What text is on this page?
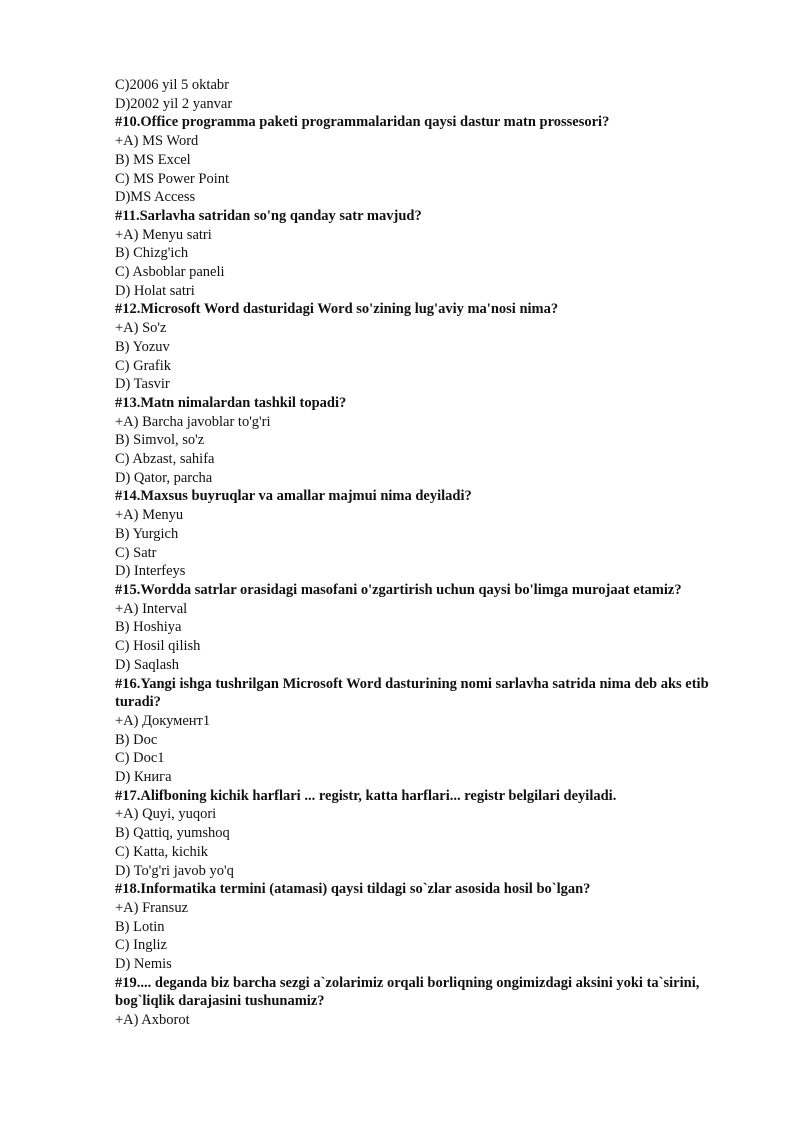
C)2006 yil 5 oktabr

D)2002 yil 2 yanvar

#10.Office programma paketi programmalaridan qaysi dastur matn prossesori?

+A) MS Word

B) MS Excel

C) MS Power Point

D)MS Access

#11.Sarlavha satridan so'ng qanday satr mavjud?

+A) Menyu satri

B) Chizg'ich

C) Asboblar paneli

D) Holat satri

#12.Microsoft Word dasturidagi Word so'zining lug'aviy ma'nosi nima?

+A) So'z

B) Yozuv

C) Grafik

D) Tasvir

#13.Matn nimalardan tashkil topadi?

+A) Barcha javoblar to'g'ri

B) Simvol, so'z

C) Abzast, sahifa

D) Qator, parcha

#14.Maxsus buyruqlar va amallar majmui nima deyiladi?

+A) Menyu

B) Yurgich

C) Satr

D) Interfeys

#15.Wordda satrlar orasidagi masofani o'zgartirish uchun qaysi bo'limga murojaat etamiz?

+A) Interval

B) Hoshiya

C) Hosil qilish

D) Saqlash

#16.Yangi ishga tushrilgan Microsoft Word dasturining nomi sarlavha satrida nima deb aks etib turadi?

+A) Документ1

B) Doc

C) Doc1

D) Книга

#17.Alifboning kichik harflari ... registr, katta harflari... registr belgilari deyiladi.

+A) Quyi, yuqori

B) Qattiq, yumshoq

C) Katta, kichik

D) To'g'ri javob yo'q

#18.Informatika termini (atamasi) qaysi tildagi so`zlar asosida hosil bo`lgan?

+A) Fransuz

B) Lotin

C) Ingliz

D) Nemis

#19.... deganda biz barcha sezgi a`zolarimiz orqali borliqning ongimizdagi aksini yoki ta`sirini, bog`liqlik darajasini tushunamiz?

+A) Axborot
